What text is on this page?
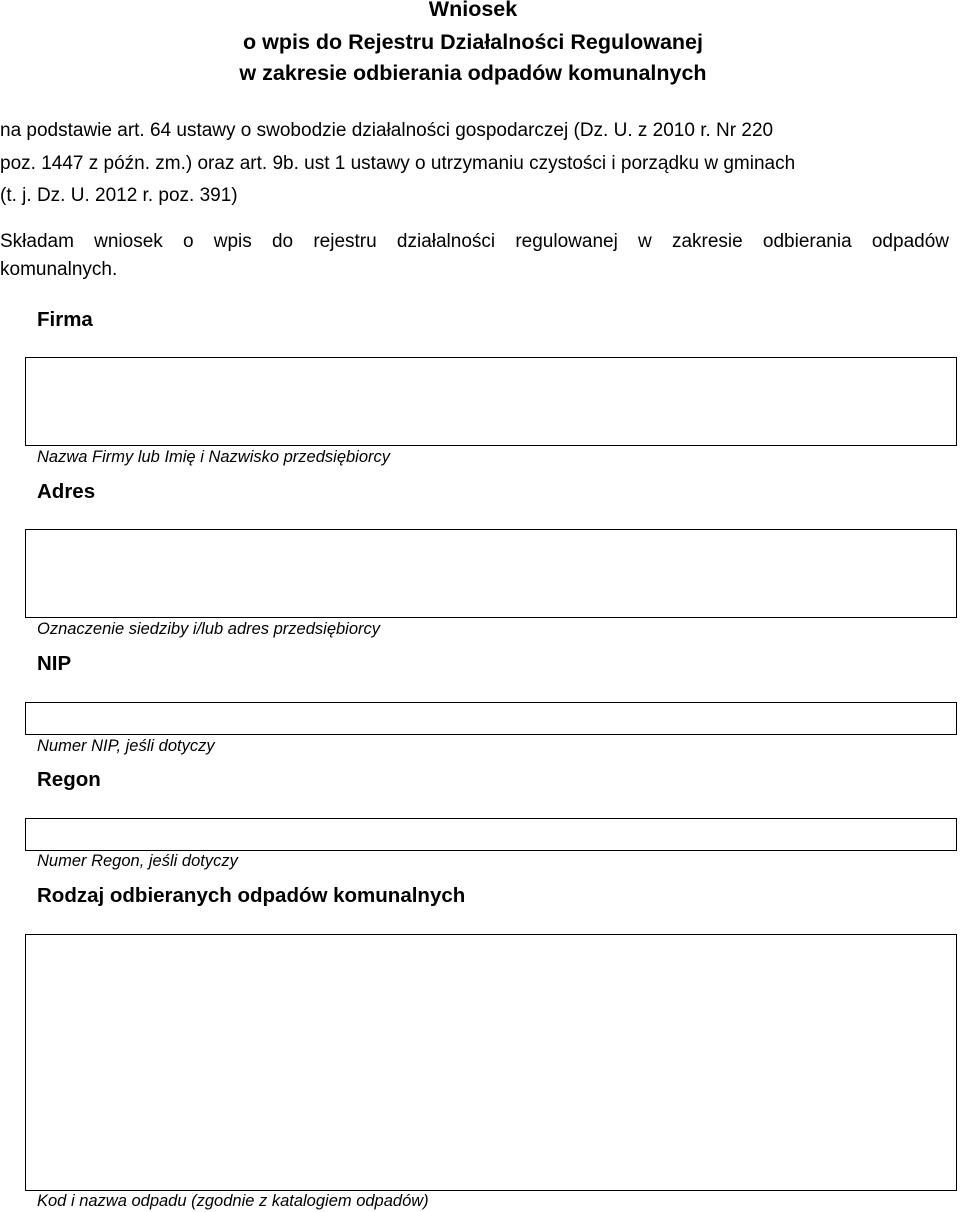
Wniosek
o wpis do Rejestru Działalności Regulowanej
w zakresie odbierania odpadów komunalnych
na podstawie art. 64 ustawy o swobodzie działalności gospodarczej (Dz. U. z 2010 r. Nr 220
poz. 1447 z późn. zm.) oraz art. 9b. ust 1 ustawy o utrzymaniu czystości i porządku w gminach
(t. j. Dz. U. 2012 r. poz. 391)
Składam wniosek o wpis do rejestru działalności regulowanej w zakresie odbierania odpadów
komunalnych.
Firma
Nazwa Firmy lub Imię i Nazwisko przedsiębiorcy
Adres
Oznaczenie siedziby i/lub adres przedsiębiorcy
NIP
Numer NIP, jeśli dotyczy
Regon
Numer Regon, jeśli dotyczy
Rodzaj odbieranych odpadów komunalnych
Kod i nazwa odpadu (zgodnie z katalogiem odpadów)
